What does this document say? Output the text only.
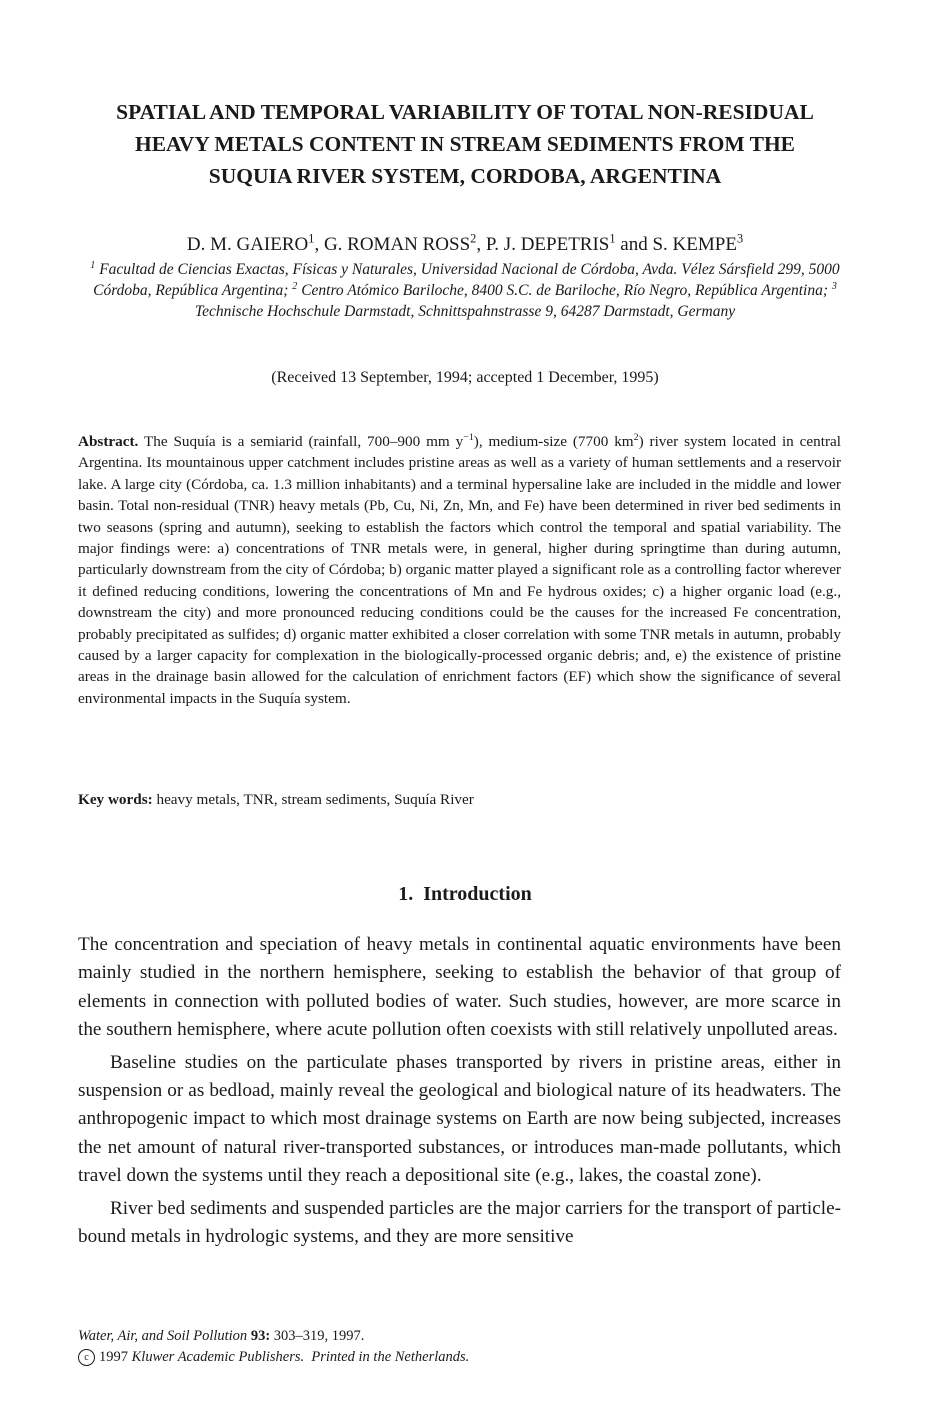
SPATIAL AND TEMPORAL VARIABILITY OF TOTAL NON-RESIDUAL
HEAVY METALS CONTENT IN STREAM SEDIMENTS FROM THE
SUQUIA RIVER SYSTEM, CORDOBA, ARGENTINA
D. M. GAIERO$^1$, G. ROMAN ROSS$^2$, P. J. DEPETRIS$^1$ and S. KEMPE$^3$
$^1$ Facultad de Ciencias Exactas, Físicas y Naturales, Universidad Nacional de Córdoba, Avda. Vélez Sársfield 299, 5000 Córdoba, República Argentina; $^2$ Centro Atómico Bariloche, 8400 S.C. de Bariloche, Río Negro, República Argentina; $^3$ Technische Hochschule Darmstadt, Schnittspahnstrasse 9, 64287 Darmstadt, Germany
(Received 13 September, 1994; accepted 1 December, 1995)
Abstract. The Suquía is a semiarid (rainfall, 700–900 mm $y^{-1}$), medium-size (7700 $km^2$) river system located in central Argentina. Its mountainous upper catchment includes pristine areas as well as a variety of human settlements and a reservoir lake. A large city (Córdoba, ca. 1.3 million inhabitants) and a terminal hypersaline lake are included in the middle and lower basin. Total non-residual (TNR) heavy metals (Pb, Cu, Ni, Zn, Mn, and Fe) have been determined in river bed sediments in two seasons (spring and autumn), seeking to establish the factors which control the temporal and spatial variability. The major findings were: a) concentrations of TNR metals were, in general, higher during springtime than during autumn, particularly downstream from the city of Córdoba; b) organic matter played a significant role as a controlling factor wherever it defined reducing conditions, lowering the concentrations of Mn and Fe hydrous oxides; c) a higher organic load (e.g., downstream the city) and more pronounced reducing conditions could be the causes for the increased Fe concentration, probably precipitated as sulfides; d) organic matter exhibited a closer correlation with some TNR metals in autumn, probably caused by a larger capacity for complexation in the biologically-processed organic debris; and, e) the existence of pristine areas in the drainage basin allowed for the calculation of enrichment factors (EF) which show the significance of several environmental impacts in the Suquía system.
Key words: heavy metals, TNR, stream sediments, Suquía River
1. Introduction

The concentration and speciation of heavy metals in continental aquatic environments have been mainly studied in the northern hemisphere, seeking to establish the behavior of that group of elements in connection with polluted bodies of water. Such studies, however, are more scarce in the southern hemisphere, where acute pollution often coexists with still relatively unpolluted areas.

Baseline studies on the particulate phases transported by rivers in pristine areas, either in suspension or as bedload, mainly reveal the geological and biological nature of its headwaters. The anthropogenic impact to which most drainage systems on Earth are now being subjected, increases the net amount of natural river-transported substances, or introduces man-made pollutants, which travel down the systems until they reach a depositional site (e.g., lakes, the coastal zone).

River bed sediments and suspended particles are the major carriers for the transport of particle-bound metals in hydrologic systems, and they are more sensitive

Water, Air, and Soil Pollution 93: 303–319, 1997.
c 1997 Kluwer Academic Publishers. Printed in the Netherlands.
